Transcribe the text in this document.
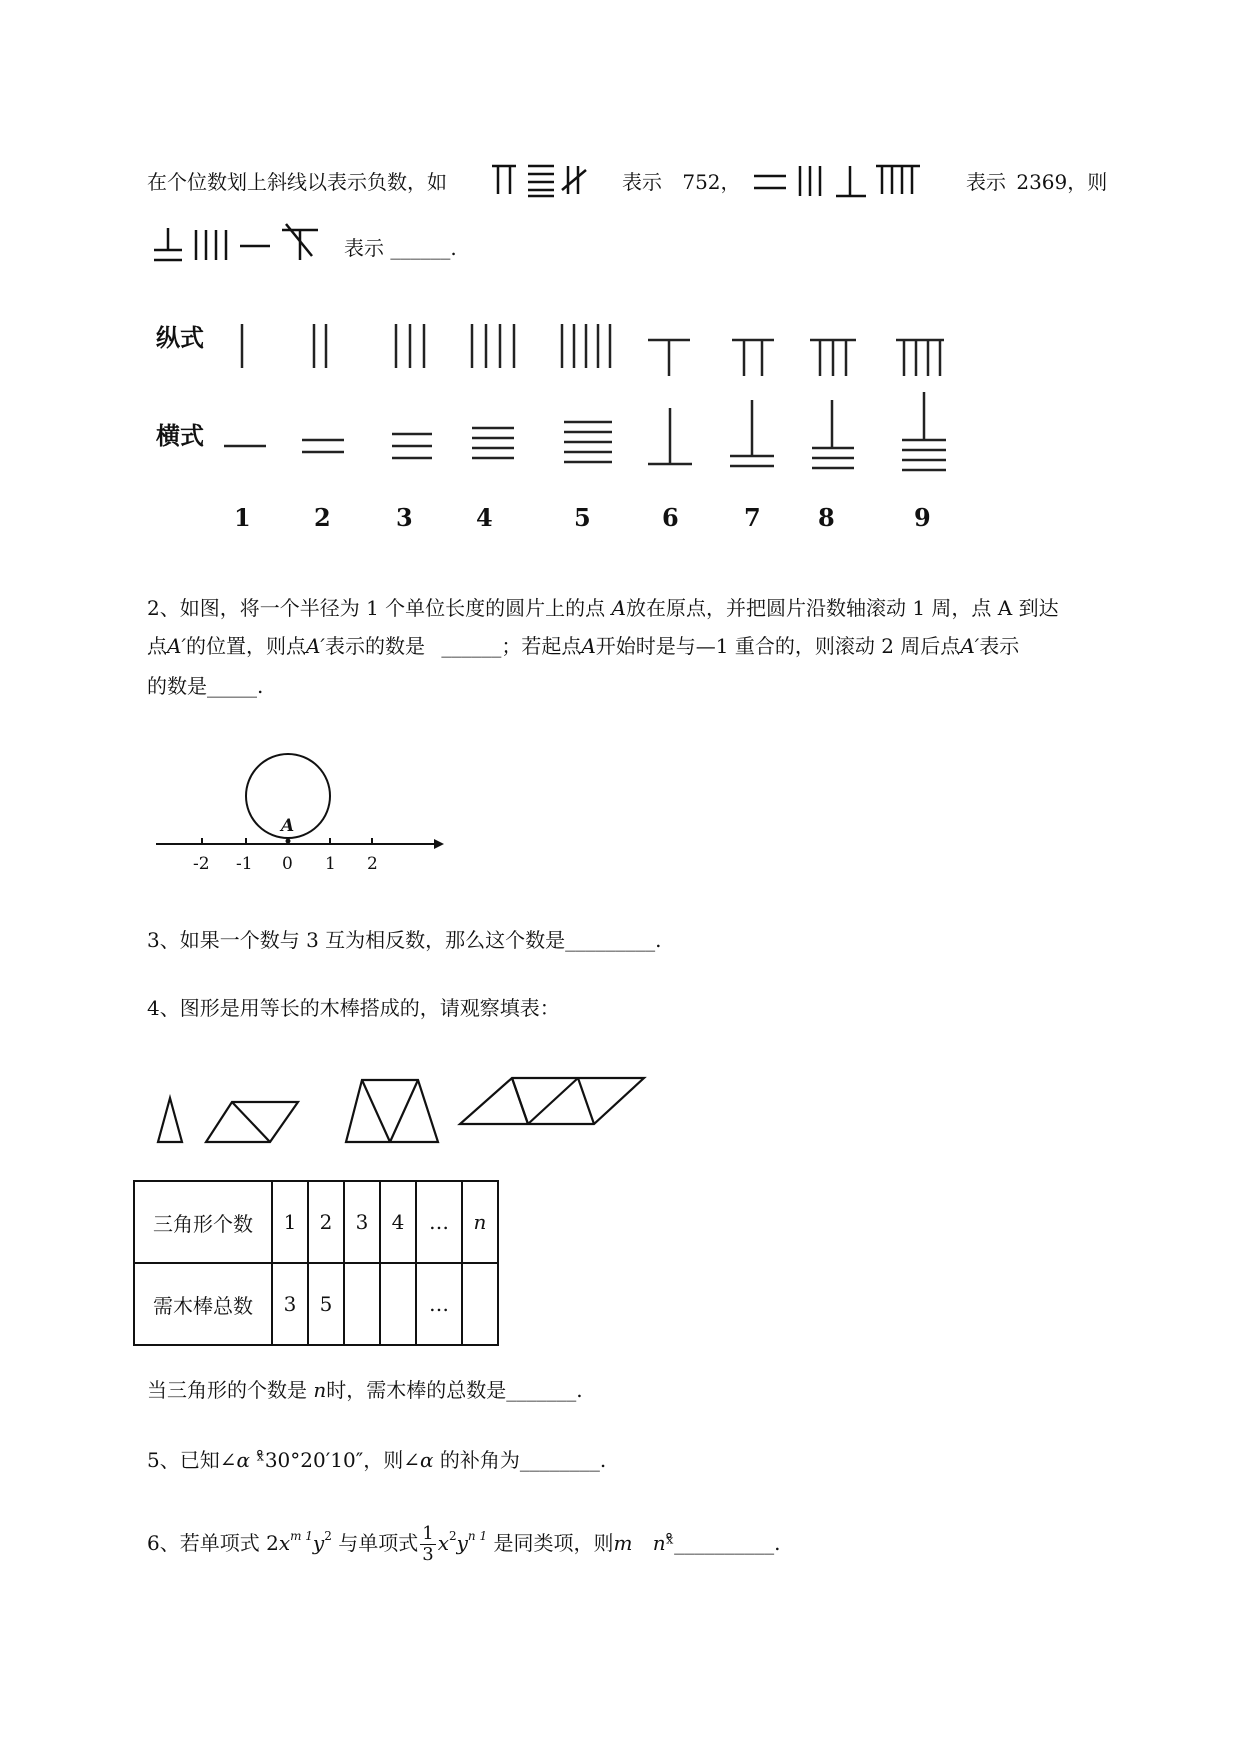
在个位数划上斜线以表示负数，如	表示 752，	表示 2369，则
表示 ______.
纵式
横式
1	2	3	4	5	6	7 8	9
2、如图，将一个半径为 1 个单位长度的圆片上的点 A放在原点，并把圆片沿数轴滚动 1 周，点 A 到达
点A′的位置，则点A′表示的数是 ______；若起点A开始时是与—1 重合的，则滚动 2 周后点A′表示
的数是_____.
A
-2 -1 0 1 2
3、如果一个数与 3 互为相反数，那么这个数是_________.
4、图形是用等长的木棒搭成的，请观察填表：
三角形个数	1	2	3	4	…	n
需木棒总数	3	5			…	
当三角形的个数是 n时，需木棒的总数是_______.
5、已知∠α ˣ̊30°20′10″，则∠α 的补角为________.
6、若单项式 $2x^{m 1}y^2$ 与单项式 $\frac{1}{3} x^2y^{n 1}$ 是同类项，则m nˣ̊__________.
